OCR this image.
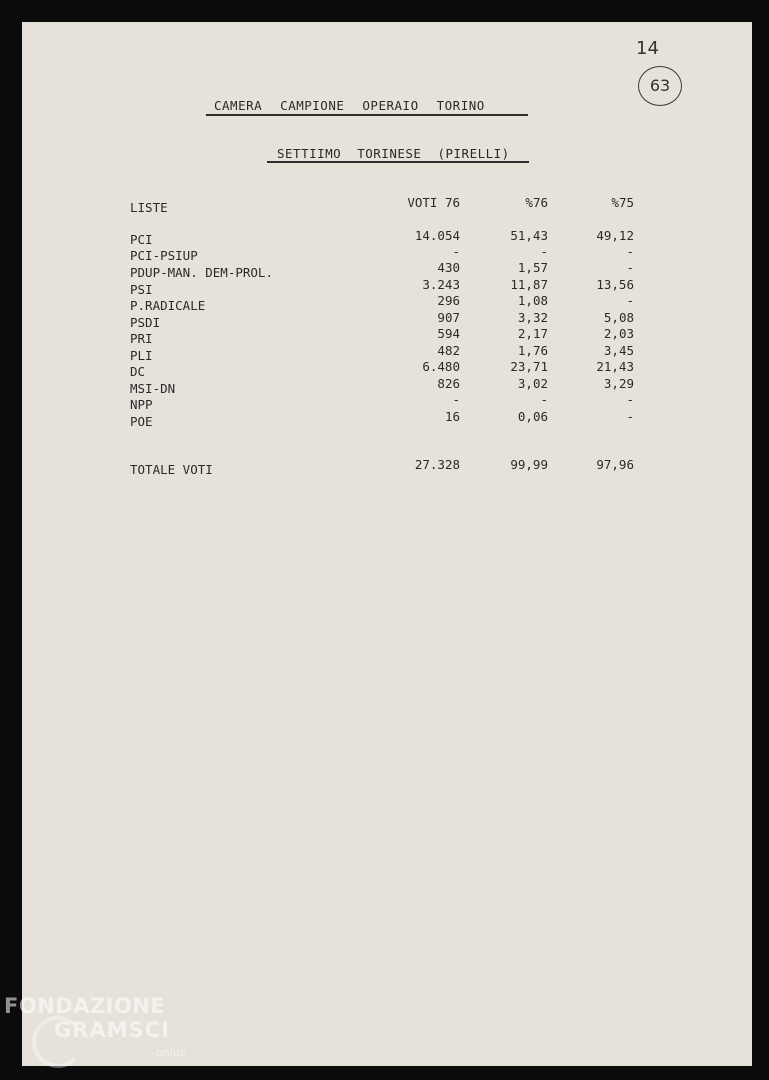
14
63
CAMERA CAMPIONE OPERAIO TORINO
SETTIIMO TORINESE (PIRELLI)
LISTE	VOTI 76	%76	%75
PCI	14.054	51,43	49,12
PCI-PSIUP	-	-	-
PDUP-MAN. DEM-PROL.	430	1,57	-
PSI	3.243	11,87	13,56
P.RADICALE	296	1,08	-
PSDI	907	3,32	5,08
PRI	594	2,17	2,03
PLI	482	1,76	3,45
DC	6.480	23,71	21,43
MSI-DN	826	3,02	3,29
NPP	-	-	-
POE	16	0,06	-
TOTALE VOTI	27.328	99,99	97,96
FONDAZIONE
GRAMSCI
onlus
